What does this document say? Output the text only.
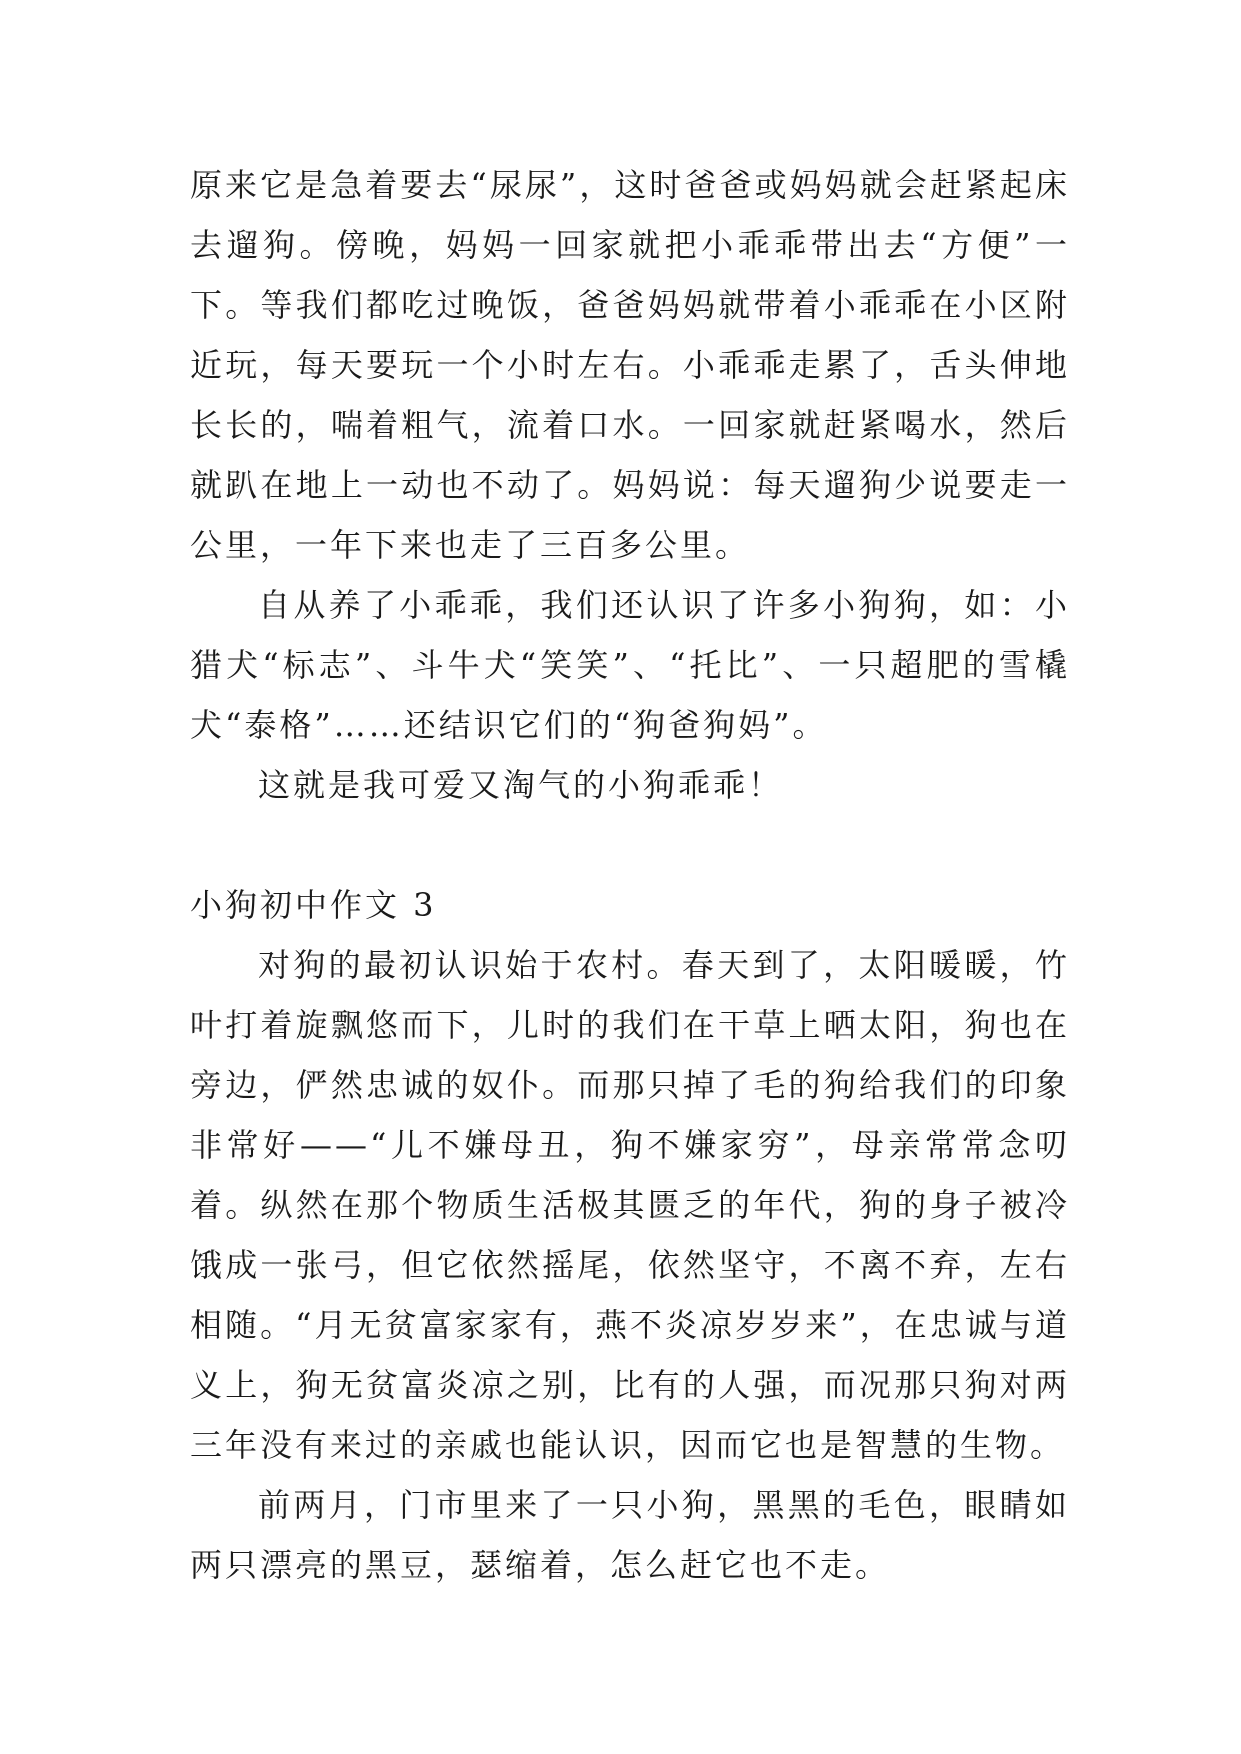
原来它是急着要去“尿尿”，这时爸爸或妈妈就会赶紧起床去遛狗。傍晚，妈妈一回家就把小乖乖带出去“方便”一下。等我们都吃过晚饭，爸爸妈妈就带着小乖乖在小区附近玩，每天要玩一个小时左右。小乖乖走累了，舌头伸地长长的，喘着粗气，流着口水。一回家就赶紧喝水，然后就趴在地上一动也不动了。妈妈说：每天遛狗少说要走一公里，一年下来也走了三百多公里。

自从养了小乖乖，我们还认识了许多小狗狗，如：小猎犬“标志”、斗牛犬“笑笑”、“托比”、一只超肥的雪橇犬“泰格”……还结识它们的“狗爸狗妈”。

这就是我可爱又淘气的小狗乖乖！

小狗初中作文 3

对狗的最初认识始于农村。春天到了，太阳暖暖，竹叶打着旋飘悠而下，儿时的我们在干草上晒太阳，狗也在旁边，俨然忠诚的奴仆。而那只掉了毛的狗给我们的印象非常好——“儿不嫌母丑，狗不嫌家穷”，母亲常常念叨着。纵然在那个物质生活极其匮乏的年代，狗的身子被冷饿成一张弓，但它依然摇尾，依然坚守，不离不弃，左右相随。“月无贫富家家有，燕不炎凉岁岁来”，在忠诚与道义上，狗无贫富炎凉之别，比有的人强，而况那只狗对两三年没有来过的亲戚也能认识，因而它也是智慧的生物。

前两月，门市里来了一只小狗，黑黑的毛色，眼睛如两只漂亮的黑豆，瑟缩着，怎么赶它也不走。
